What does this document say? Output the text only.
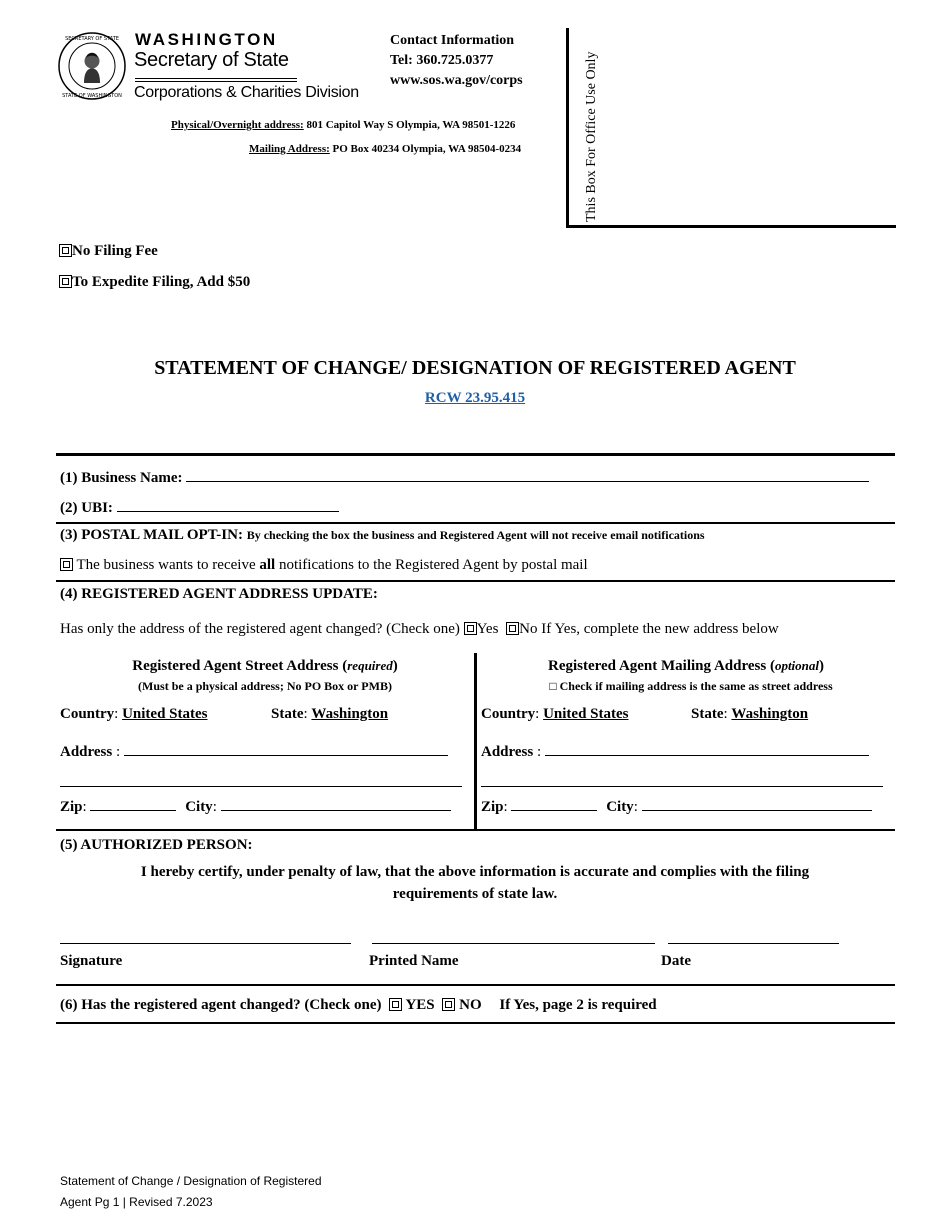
SECRETARY OF STATE
STATE OF WASHINGTON
WASHINGTON
Secretary of State
Corporations & Charities Division
Contact Information
Tel: 360.725.0377
www.sos.wa.gov/corps
Physical/Overnight address: 801 Capitol Way S Olympia, WA 98501-1226
Mailing Address: PO Box 40234 Olympia, WA 98504-0234	This Box For Office Use Only
No Filing Fee
To Expedite Filing, Add $50
STATEMENT OF CHANGE/ DESIGNATION OF REGISTERED AGENT
RCW 23.95.415
(1) Business Name:
(2) UBI:
(3) POSTAL MAIL OPT-IN: By checking the box the business and Registered Agent will not receive email notifications
The business wants to receive all notifications to the Registered Agent by postal mail
(4) REGISTERED AGENT ADDRESS UPDATE:
Has only the address of the registered agent changed? (Check one) Yes No If Yes, complete the new address below
Registered Agent Street Address (required)
(Must be a physical address; No PO Box or PMB)
Country: United States	State: Washington
Address :
Zip:	City:
Registered Agent Mailing Address (optional)
□ Check if mailing address is the same as street address
Country: United States	State: Washington
Address :
Zip:	City:
(5) AUTHORIZED PERSON:
I hereby certify, under penalty of law, that the above information is accurate and complies with the filing
requirements of state law.
Signature	Printed Name	Date
(6) Has the registered agent changed? (Check one) YES NO If Yes, page 2 is required
Statement of Change / Designation of Registered
Agent Pg 1 | Revised 7.2023
